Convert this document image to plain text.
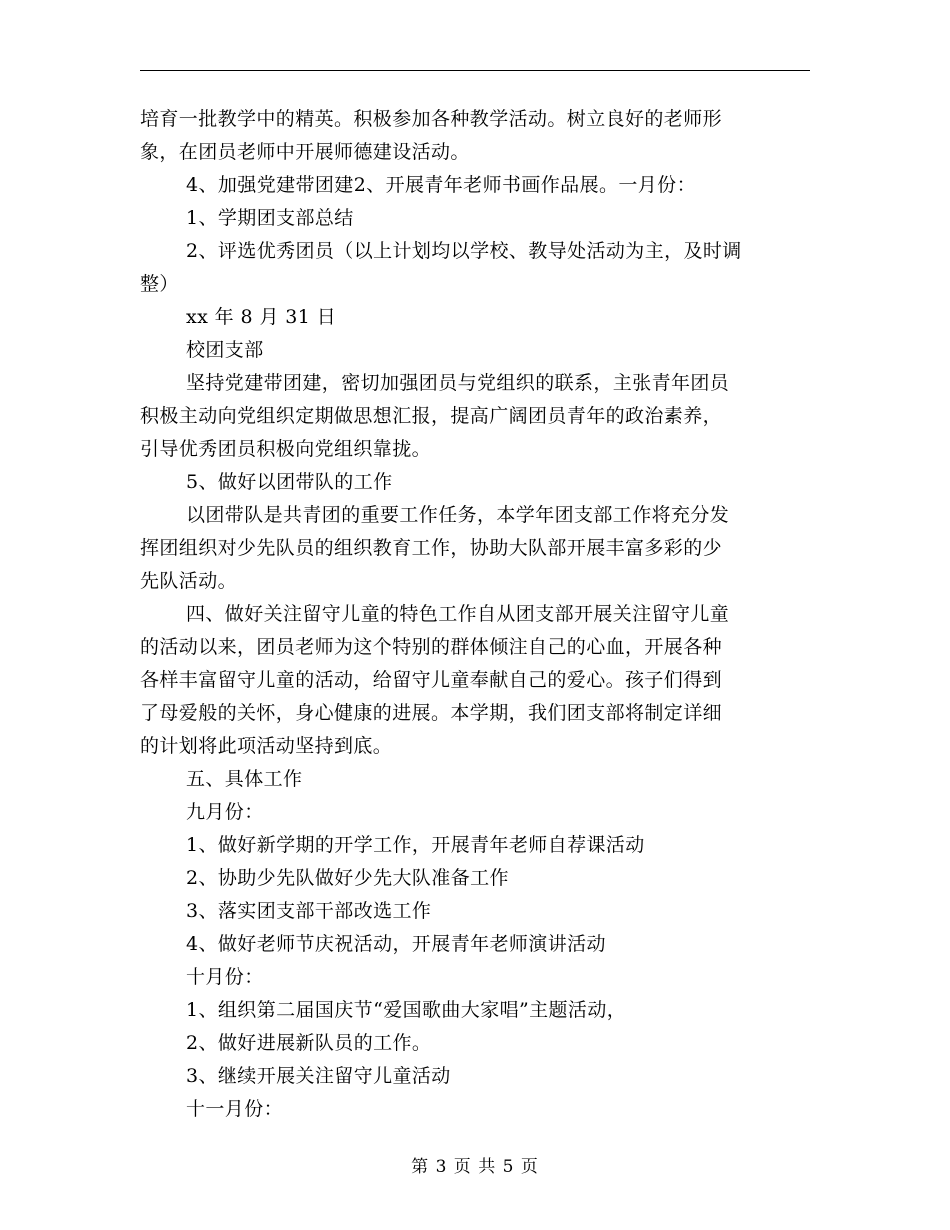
培育一批教学中的精英。积极参加各种教学活动。树立良好的老师形
象，在团员老师中开展师德建设活动。
4、加强党建带团建2、开展青年老师书画作品展。一月份：
1、学期团支部总结
2、评选优秀团员（以上计划均以学校、教导处活动为主，及时调
整）
xx 年 8 月 31 日
校团支部
坚持党建带团建，密切加强团员与党组织的联系，主张青年团员
积极主动向党组织定期做思想汇报，提高广阔团员青年的政治素养，
引导优秀团员积极向党组织靠拢。
5、做好以团带队的工作
以团带队是共青团的重要工作任务，本学年团支部工作将充分发
挥团组织对少先队员的组织教育工作，协助大队部开展丰富多彩的少
先队活动。
四、做好关注留守儿童的特色工作自从团支部开展关注留守儿童
的活动以来，团员老师为这个特别的群体倾注自己的心血，开展各种
各样丰富留守儿童的活动，给留守儿童奉献自己的爱心。孩子们得到
了母爱般的关怀，身心健康的进展。本学期，我们团支部将制定详细
的计划将此项活动坚持到底。
五、具体工作
九月份：
1、做好新学期的开学工作，开展青年老师自荐课活动
2、协助少先队做好少先大队准备工作
3、落实团支部干部改选工作
4、做好老师节庆祝活动，开展青年老师演讲活动
十月份：
1、组织第二届国庆节“爱国歌曲大家唱”主题活动，
2、做好进展新队员的工作。
3、继续开展关注留守儿童活动
十一月份：
第 3 页 共 5 页
